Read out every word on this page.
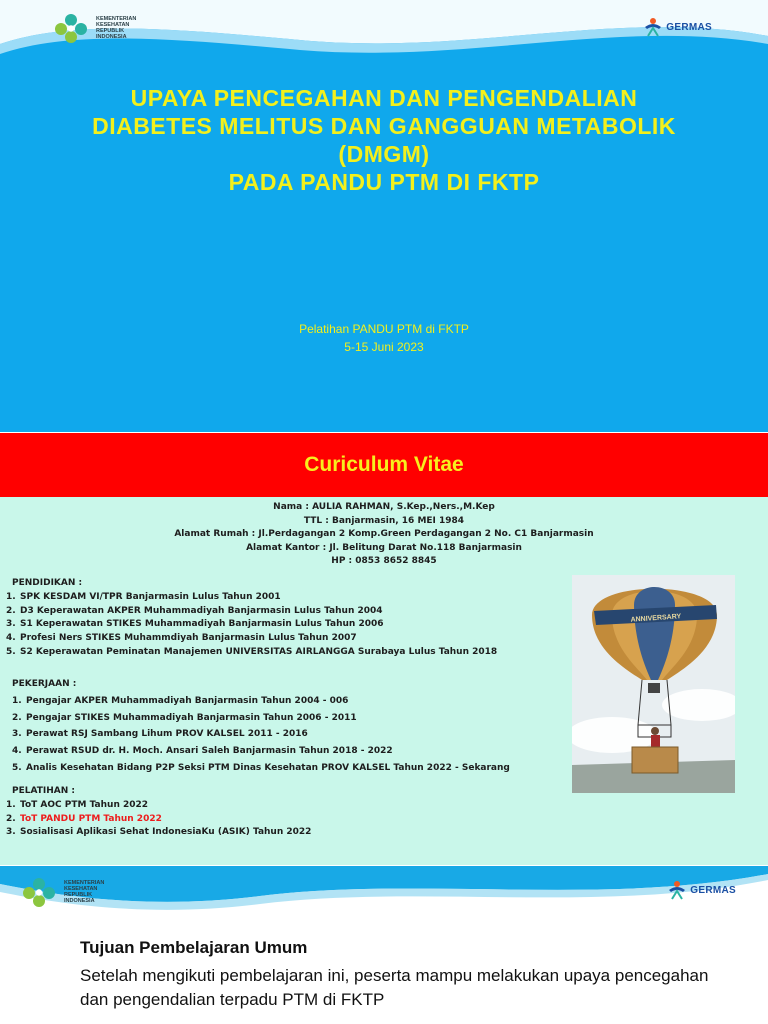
KEMENTERIAN
KESEHATAN
REPUBLIK
INDONESIA
GERMAS
UPAYA PENCEGAHAN DAN PENGENDALIAN
DIABETES MELITUS DAN GANGGUAN METABOLIK
(DMGM)
PADA PANDU PTM DI FKTP
Pelatihan PANDU PTM di FKTP
5-15 Juni 2023
Curiculum Vitae
Nama : AULIA RAHMAN, S.Kep.,Ners.,M.Kep
TTL : Banjarmasin, 16 MEI 1984
Alamat Rumah : Jl.Perdagangan 2 Komp.Green Perdagangan 2 No. C1 Banjarmasin
Alamat Kantor : Jl. Belitung Darat No.118 Banjarmasin
HP : 0853 8652 8845
PENDIDIKAN :
1. SPK KESDAM VI/TPR Banjarmasin Lulus Tahun 2001
2. D3 Keperawatan AKPER Muhammadiyah Banjarmasin Lulus Tahun 2004
3. S1 Keperawatan STIKES Muhammadiyah Banjarmasin Lulus Tahun 2006
4. Profesi Ners STIKES Muhammdiyah Banjarmasin Lulus Tahun 2007
5. S2 Keperawatan Peminatan Manajemen UNIVERSITAS AIRLANGGA Surabaya Lulus Tahun 2018
PEKERJAAN :
1. Pengajar AKPER Muhammadiyah Banjarmasin Tahun 2004 - 006
2. Pengajar STIKES Muhammadiyah Banjarmasin Tahun 2006 - 2011
3. Perawat RSJ Sambang Lihum PROV KALSEL 2011 - 2016
4. Perawat RSUD dr. H. Moch. Ansari Saleh Banjarmasin Tahun 2018 - 2022
5. Analis Kesehatan Bidang P2P Seksi PTM Dinas Kesehatan PROV KALSEL Tahun 2022 - Sekarang
PELATIHAN :
1. ToT AOC PTM Tahun 2022
2. ToT PANDU PTM Tahun 2022
3. Sosialisasi Aplikasi Sehat IndonesiaKu (ASIK) Tahun 2022
ANNIVERSARY
KEMENTERIAN
KESEHATAN
REPUBLIK
INDONESIA
GERMAS
Tujuan Pembelajaran Umum
Setelah mengikuti pembelajaran ini, peserta mampu melakukan upaya pencegahan dan pengendalian terpadu PTM di FKTP
